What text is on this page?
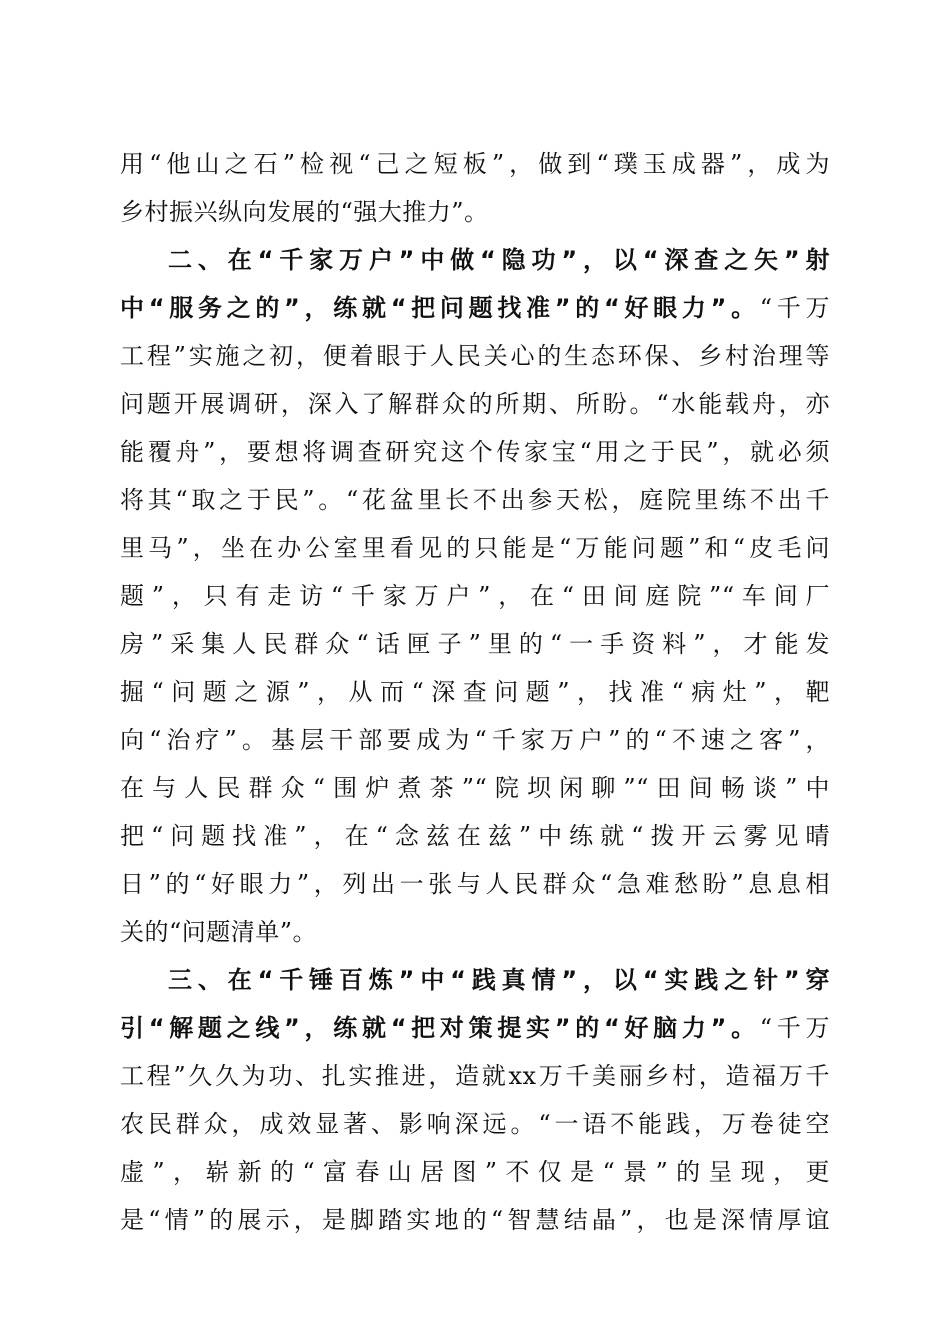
用“他山之石”检视“己之短板”，做到“璞玉成器”，成为
乡村振兴纵向发展的“强大推力”。
二、在“千家万户”中做“隐功”，以“深查之矢”射
中“服务之的”，练就“把问题找准”的“好眼力”。“千万
工程”实施之初，便着眼于人民关心的生态环保、乡村治理等
问题开展调研，深入了解群众的所期、所盼。“水能载舟，亦
能覆舟”，要想将调查研究这个传家宝“用之于民”，就必须
将其“取之于民”。“花盆里长不出参天松，庭院里练不出千
里马”，坐在办公室里看见的只能是“万能问题”和“皮毛问
题”，只有走访“千家万户”，在“田间庭院”“车间厂
房”采集人民群众“话匣子”里的“一手资料”，才能发
掘“问题之源”，从而“深查问题”，找准“病灶”，靶
向“治疗”。基层干部要成为“千家万户”的“不速之客”，
在与人民群众“围炉煮茶”“院坝闲聊”“田间畅谈”中
把“问题找准”，在“念兹在兹”中练就“拨开云雾见晴
日”的“好眼力”，列出一张与人民群众“急难愁盼”息息相
关的“问题清单”。
三、在“千锤百炼”中“践真情”，以“实践之针”穿
引“解题之线”，练就“把对策提实”的“好脑力”。“千万
工程”久久为功、扎实推进，造就xx万千美丽乡村，造福万千
农民群众，成效显著、影响深远。“一语不能践，万卷徒空
虚”，崭新的“富春山居图”不仅是“景”的呈现，更
是“情”的展示，是脚踏实地的“智慧结晶”，也是深情厚谊
